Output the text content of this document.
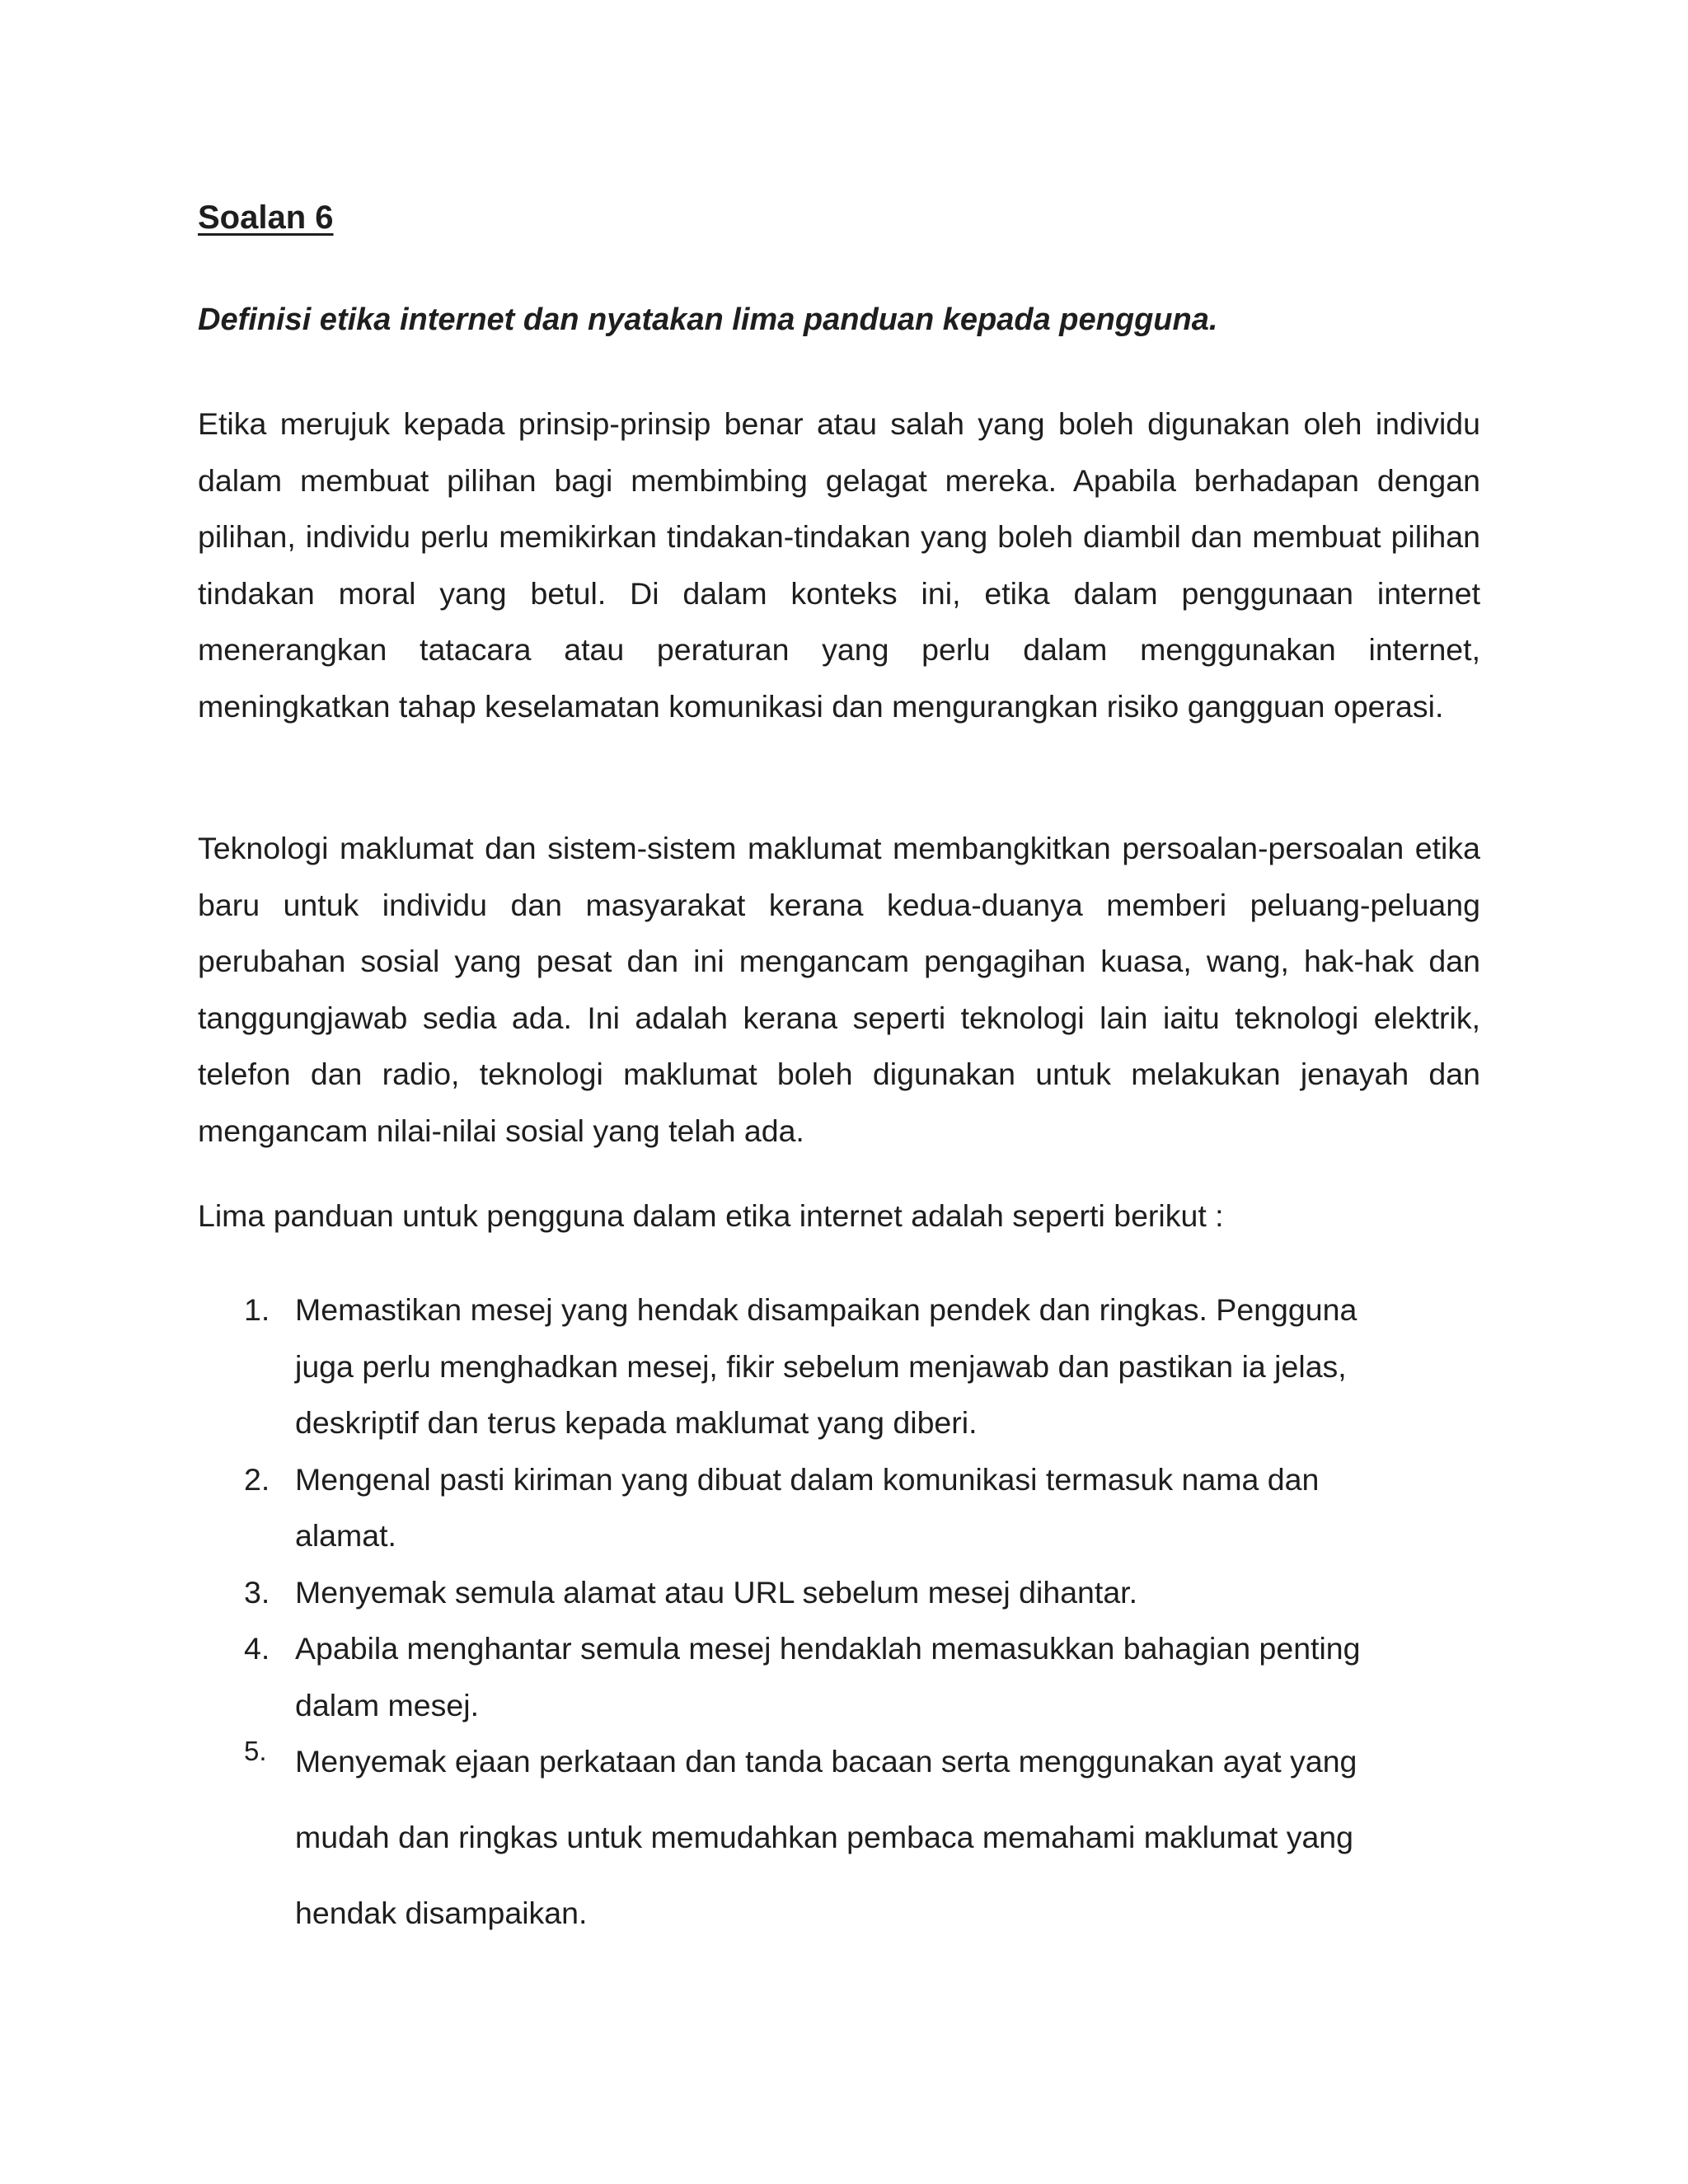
Soalan 6

Definisi etika internet dan nyatakan lima panduan kepada pengguna.

Etika merujuk kepada prinsip-prinsip benar atau salah yang boleh digunakan oleh individu dalam membuat pilihan bagi membimbing gelagat mereka. Apabila berhadapan dengan pilihan, individu perlu memikirkan tindakan-tindakan yang boleh diambil dan membuat pilihan tindakan moral yang betul. Di dalam konteks ini, etika dalam penggunaan internet menerangkan tatacara atau peraturan yang perlu dalam menggunakan internet, meningkatkan tahap keselamatan komunikasi dan mengurangkan risiko gangguan operasi.

Teknologi maklumat dan sistem-sistem maklumat membangkitkan persoalan-persoalan etika baru untuk individu dan masyarakat kerana kedua-duanya memberi peluang-peluang perubahan sosial yang pesat dan ini mengancam pengagihan kuasa, wang, hak-hak dan tanggungjawab sedia ada. Ini adalah kerana seperti teknologi lain iaitu teknologi elektrik, telefon dan radio, teknologi maklumat boleh digunakan untuk melakukan jenayah dan mengancam nilai-nilai sosial yang telah ada.

Lima panduan untuk pengguna dalam etika internet adalah seperti berikut :

1. Memastikan mesej yang hendak disampaikan pendek dan ringkas. Pengguna juga perlu menghadkan mesej, fikir sebelum menjawab dan pastikan ia jelas, deskriptif dan terus kepada maklumat yang diberi.
2. Mengenal pasti kiriman yang dibuat dalam komunikasi termasuk nama dan alamat.
3. Menyemak semula alamat atau URL sebelum mesej dihantar.
4. Apabila menghantar semula mesej hendaklah memasukkan bahagian penting dalam mesej.
5. Menyemak ejaan perkataan dan tanda bacaan serta menggunakan ayat yang mudah dan ringkas untuk memudahkan pembaca memahami maklumat yang hendak disampaikan.
